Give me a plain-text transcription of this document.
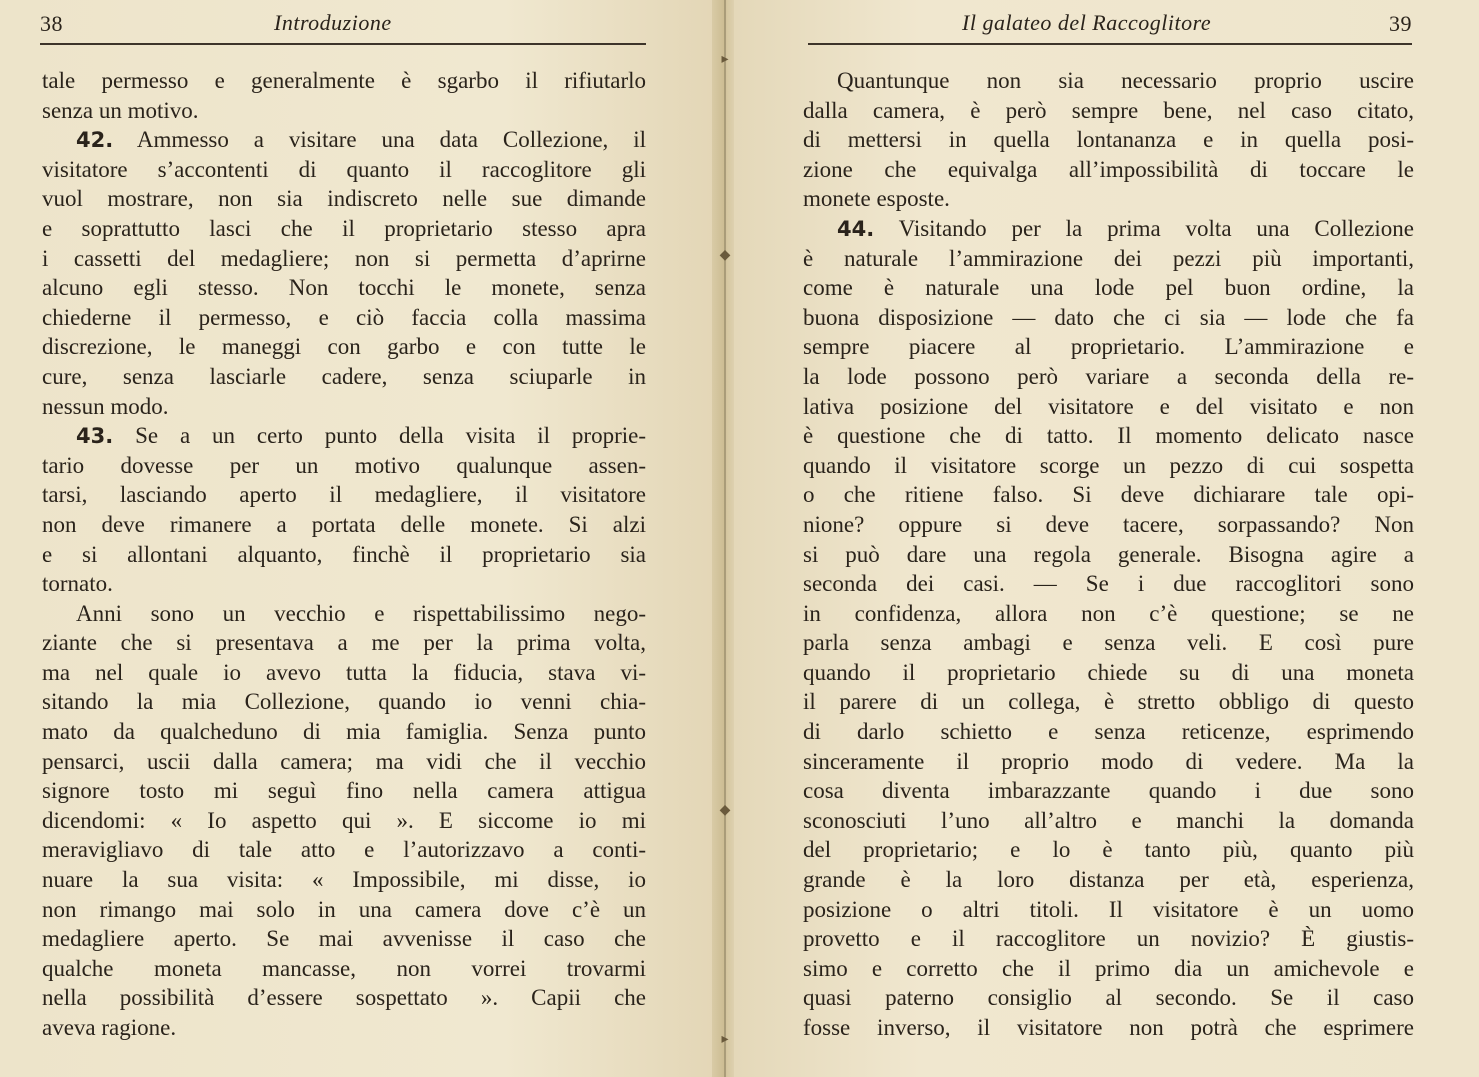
38	Introduzione
tale permesso e generalmente è sgarbo il rifiutarlo
senza un motivo.
42. Ammesso a visitare una data Collezione, il
visitatore s’accontenti di quanto il raccoglitore gli
vuol mostrare, non sia indiscreto nelle sue dimande
e soprattutto lasci che il proprietario stesso apra
i cassetti del medagliere; non si permetta d’aprirne
alcuno egli stesso. Non tocchi le monete, senza
chiederne il permesso, e ciò faccia colla massima
discrezione, le maneggi con garbo e con tutte le
cure, senza lasciarle cadere, senza sciuparle in
nessun modo.
43. Se a un certo punto della visita il proprie-
tario dovesse per un motivo qualunque assen-
tarsi, lasciando aperto il medagliere, il visitatore
non deve rimanere a portata delle monete. Si alzi
e si allontani alquanto, finchè il proprietario sia
tornato.
Anni sono un vecchio e rispettabilissimo nego-
ziante che si presentava a me per la prima volta,
ma nel quale io avevo tutta la fiducia, stava vi-
sitando la mia Collezione, quando io venni chia-
mato da qualcheduno di mia famiglia. Senza punto
pensarci, uscii dalla camera; ma vidi che il vecchio
signore tosto mi seguì fino nella camera attigua
dicendomi: « Io aspetto qui ». E siccome io mi
meravigliavo di tale atto e l’autorizzavo a conti-
nuare la sua visita: « Impossibile, mi disse, io
non rimango mai solo in una camera dove c’è un
medagliere aperto. Se mai avvenisse il caso che
qualche moneta mancasse, non vorrei trovarmi
nella possibilità d’essere sospettato ». Capii che
aveva ragione.
▸
◆
◆
▸
Il galateo del Raccoglitore	39
Quantunque non sia necessario proprio uscire
dalla camera, è però sempre bene, nel caso citato,
di mettersi in quella lontananza e in quella posi-
zione che equivalga all’impossibilità di toccare le
monete esposte.
44. Visitando per la prima volta una Collezione
è naturale l’ammirazione dei pezzi più importanti,
come è naturale una lode pel buon ordine, la
buona disposizione — dato che ci sia — lode che fa
sempre piacere al proprietario. L’ammirazione e
la lode possono però variare a seconda della re-
lativa posizione del visitatore e del visitato e non
è questione che di tatto. Il momento delicato nasce
quando il visitatore scorge un pezzo di cui sospetta
o che ritiene falso. Si deve dichiarare tale opi-
nione? oppure si deve tacere, sorpassando? Non
si può dare una regola generale. Bisogna agire a
seconda dei casi. — Se i due raccoglitori sono
in confidenza, allora non c’è questione; se ne
parla senza ambagi e senza veli. E così pure
quando il proprietario chiede su di una moneta
il parere di un collega, è stretto obbligo di questo
di darlo schietto e senza reticenze, esprimendo
sinceramente il proprio modo di vedere. Ma la
cosa diventa imbarazzante quando i due sono
sconosciuti l’uno all’altro e manchi la domanda
del proprietario; e lo è tanto più, quanto più
grande è la loro distanza per età, esperienza,
posizione o altri titoli. Il visitatore è un uomo
provetto e il raccoglitore un novizio? È giustis-
simo e corretto che il primo dia un amichevole e
quasi paterno consiglio al secondo. Se il caso
fosse inverso, il visitatore non potrà che esprimere
